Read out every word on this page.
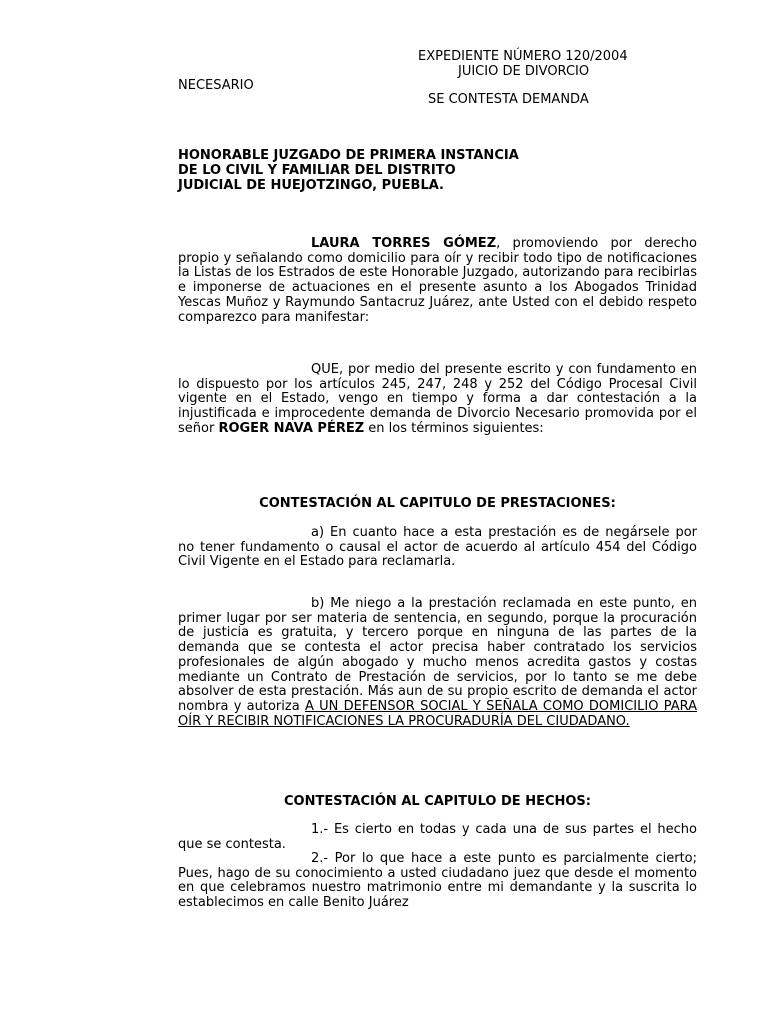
EXPEDIENTE NÚMERO 120/2004
JUICIO DE DIVORCIO
NECESARIO
SE CONTESTA DEMANDA
HONORABLE JUZGADO DE PRIMERA INSTANCIA
DE LO CIVIL Y FAMILIAR DEL DISTRITO
JUDICIAL DE HUEJOTZINGO, PUEBLA.
LAURA TORRES GÓMEZ, promoviendo por derecho propio y señalando como domicilio para oír y recibir todo tipo de notificaciones la Listas de los Estrados de este Honorable Juzgado, autorizando para recibirlas e imponerse de actuaciones en el presente asunto a los Abogados Trinidad Yescas Muñoz y Raymundo Santacruz Juárez, ante Usted con el debido respeto comparezco para manifestar:
QUE, por medio del presente escrito y con fundamento en lo dispuesto por los artículos 245, 247, 248 y 252 del Código Procesal Civil vigente en el Estado, vengo en tiempo y forma a dar contestación a la injustificada e improcedente demanda de Divorcio Necesario promovida por el señor ROGER NAVA PÉREZ en los términos siguientes:
CONTESTACIÓN AL CAPITULO DE PRESTACIONES:
a) En cuanto hace a esta prestación es de negársele por no tener fundamento o causal el actor de acuerdo al artículo 454 del Código Civil Vigente en el Estado para reclamarla.
b) Me niego a la prestación reclamada en este punto, en primer lugar por ser materia de sentencia, en segundo, porque la procuración de justicia es gratuita, y tercero porque en ninguna de las partes de la demanda que se contesta el actor precisa haber contratado los servicios profesionales de algún abogado y mucho menos acredita gastos y costas mediante un Contrato de Prestación de servicios, por lo tanto se me debe absolver de esta prestación. Más aun de su propio escrito de demanda el actor nombra y autoriza A UN DEFENSOR SOCIAL Y SEÑALA COMO DOMICILIO PARA OÍR Y RECIBIR NOTIFICACIONES LA PROCURADURÍA DEL CIUDADANO.
CONTESTACIÓN AL CAPITULO DE HECHOS:
1.- Es cierto en todas y cada una de sus partes el hecho que se contesta.
2.- Por lo que hace a este punto es parcialmente cierto; Pues, hago de su conocimiento a usted ciudadano juez que desde el momento en que celebramos nuestro matrimonio entre mi demandante y la suscrita lo establecimos en calle Benito Juárez
